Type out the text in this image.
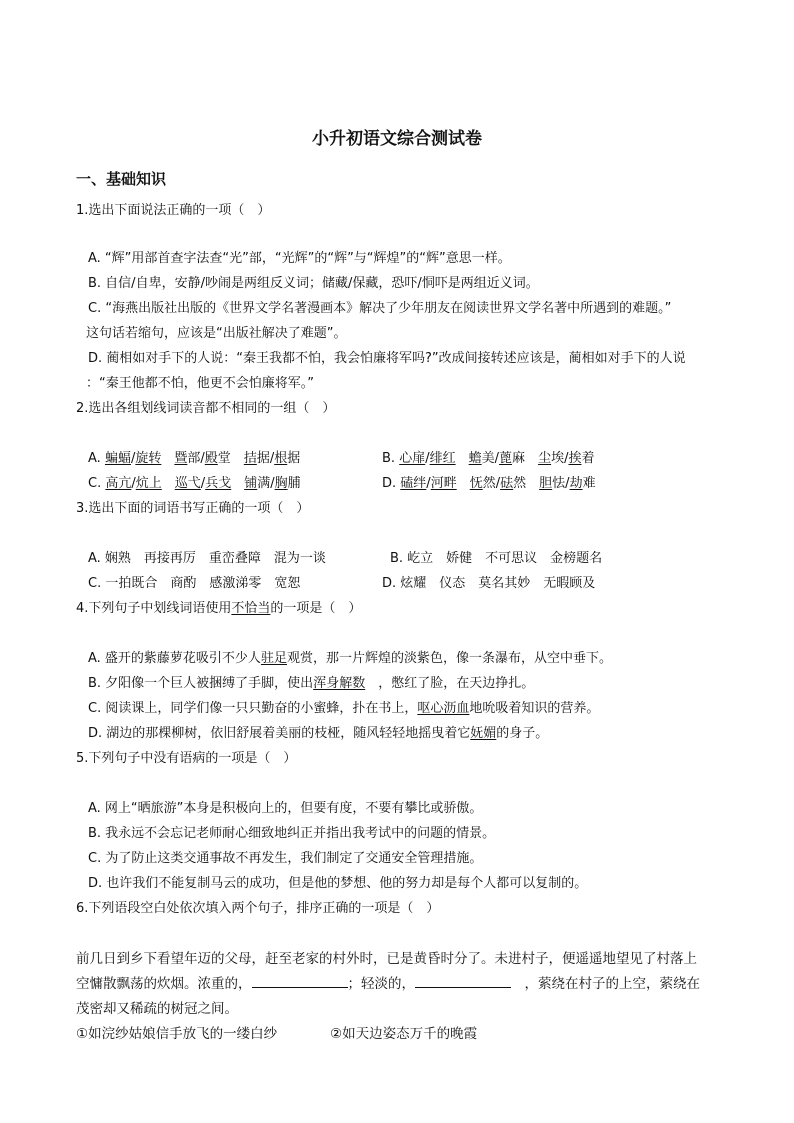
小升初语文综合测试卷
一、基础知识
1.选出下面说法正确的一项（　）
A. “辉”用部首查字法查“光”部，“光辉”的“辉”与“辉煌”的“辉”意思一样。
B. 自信/自卑，安静/吵闹是两组反义词；储藏/保藏，恐吓/恫吓是两组近义词。
C. “海燕出版社出版的《世界文学名著漫画本》解决了少年朋友在阅读世界文学名著中所遇到的难题。”
这句话若缩句，应该是“出版社解决了难题”。
D. 蔺相如对手下的人说：“秦王我都不怕，我会怕廉将军吗?”改成间接转述应该是，蔺相如对手下的人说
：“秦王他都不怕，他更不会怕廉将军。”
2.选出各组划线词读音都不相同的一组（　）
A. 蝙蝠/旋转　 暨部/殿堂　拮据/根据	B. 心扉/绯红　 蟾美/蓖麻　尘埃/挨着
C. 高亢/炕上　 巡弋/兵戈　 铺满/胸脯	D. 磕绊/河畔　 怃然/砝然　胆怯/劫难
3.选出下面的词语书写正确的一项（　）
A. 娴熟　再接再厉　重峦叠障　混为一谈	B. 屹立　娇健　不可思议　金榜题名
C. 一拍既合　商酌　感激涕零　宽恕	D. 炫耀　仪态　莫名其妙　无暇顾及
4.下列句子中划线词语使用不恰当的一项是（　）
A. 盛开的紫藤萝花吸引不少人驻足观赏，那一片辉煌的淡紫色，像一条瀑布，从空中垂下。
B. 夕阳像一个巨人被捆缚了手脚，使出浑身解数　，憋红了脸，在天边挣扎。
C. 阅读课上，同学们像一只只勤奋的小蜜蜂，扑在书上，呕心沥血地吮吸着知识的营养。
D. 湖边的那棵柳树，依旧舒展着美丽的枝桠，随风轻轻地摇曳着它妩媚的身子。
5.下列句子中没有语病的一项是（　）
A. 网上“晒旅游”本身是积极向上的，但要有度，不要有攀比或骄傲。
B. 我永远不会忘记老师耐心细致地纠正并指出我考试中的问题的情景。
C. 为了防止这类交通事故不再发生，我们制定了交通安全管理措施。
D. 也许我们不能复制马云的成功，但是他的梦想、他的努力却是每个人都可以复制的。
6.下列语段空白处依次填入两个句子，排序正确的一项是（　）
前几日到乡下看望年迈的父母，赶至老家的村外时，已是黄昏时分了。未进村子，便遥遥地望见了村落上
空慵散飘荡的炊烟。浓重的，	；轻淡的，	　，萦绕在村子的上空，萦绕在
茂密却又稀疏的树冠之间。
①如浣纱姑娘信手放飞的一缕白纱	②如天边姿态万千的晚霞
